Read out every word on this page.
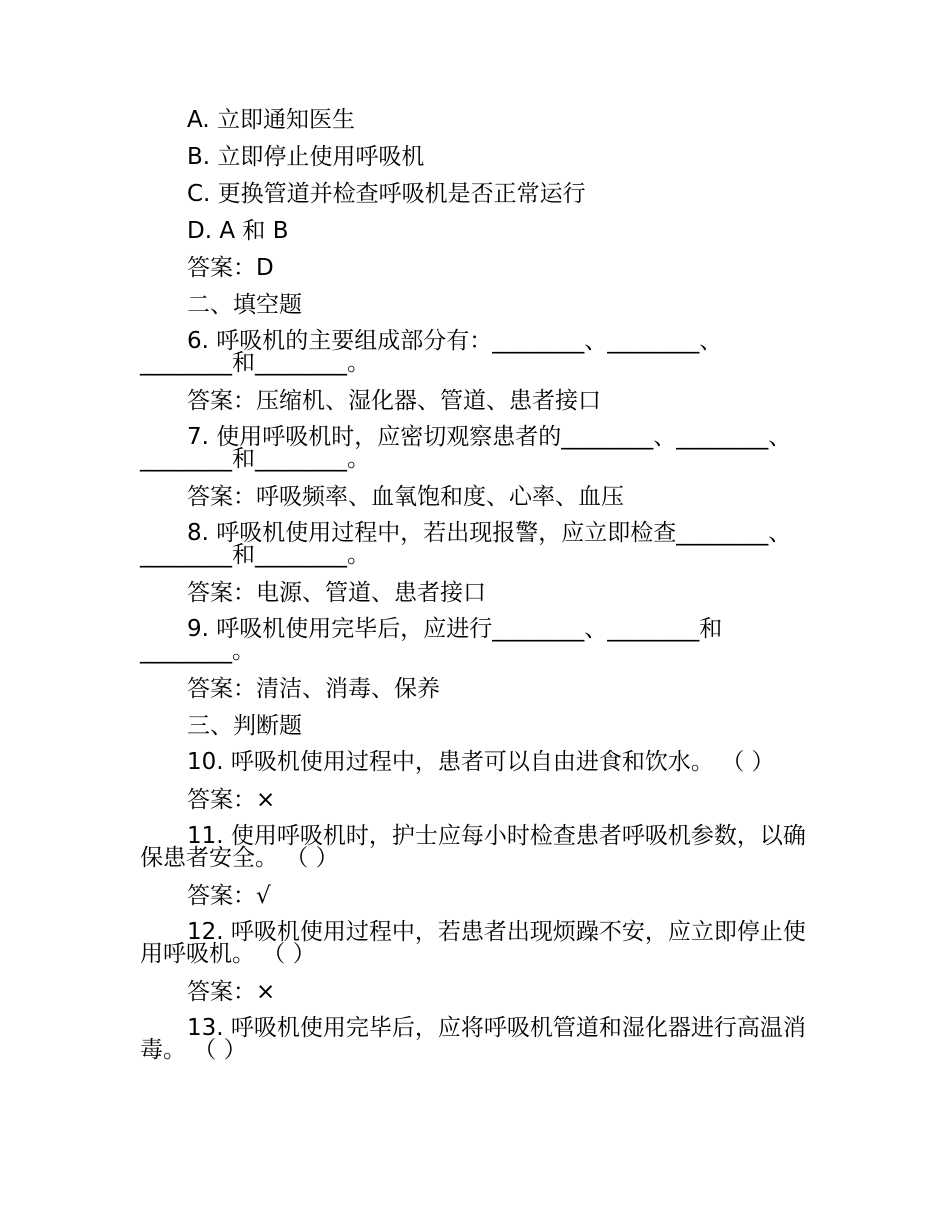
A. 立即通知医生
B. 立即停止使用呼吸机
C. 更换管道并检查呼吸机是否正常运行
D. A 和 B
答案：D
二、填空题
6. 呼吸机的主要组成部分有：________、________、________和________。
答案：压缩机、湿化器、管道、患者接口
7. 使用呼吸机时，应密切观察患者的________、________、________和________。
答案：呼吸频率、血氧饱和度、心率、血压
8. 呼吸机使用过程中，若出现报警，应立即检查________、________和________。
答案：电源、管道、患者接口
9. 呼吸机使用完毕后，应进行________、________和________。
答案：清洁、消毒、保养
三、判断题
10. 呼吸机使用过程中，患者可以自由进食和饮水。 （ ）
答案：×
11. 使用呼吸机时，护士应每小时检查患者呼吸机参数，以确保患者安全。 （ ）
答案：√
12. 呼吸机使用过程中，若患者出现烦躁不安，应立即停止使用呼吸机。 （ ）
答案：×
13. 呼吸机使用完毕后，应将呼吸机管道和湿化器进行高温消毒。 （ ）
